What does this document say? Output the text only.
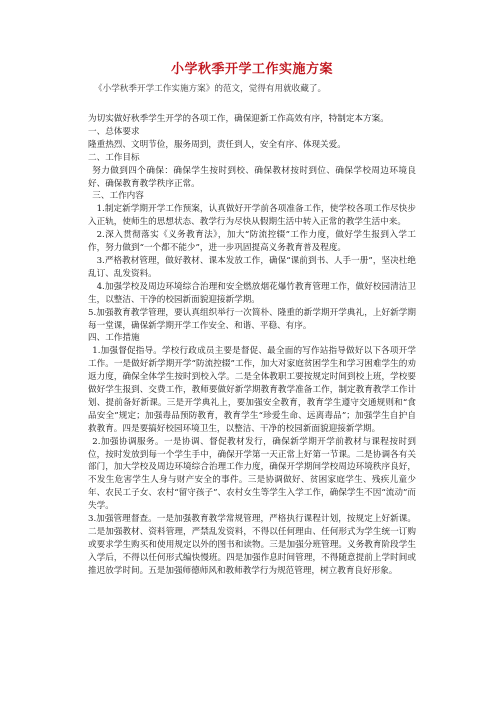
小学秋季开学工作实施方案

《小学秋季开学工作实施方案》的范文，觉得有用就收藏了。

为切实做好秋季学生开学的各项工作，确保迎新工作高效有序，特制定本方案。

一、总体要求

隆重热烈、文明节俭，服务周到，责任到人，安全有序、体现关爱。

二、工作目标

努力做到四个确保：确保学生按时到校、确保教材按时到位、确保学校周边环境良好、确保教育教学秩序正常。

三、工作内容

1.制定新学期开学工作预案，认真做好开学前各项准备工作，使学校各项工作尽快步入正轨，使师生的思想状态、教学行为尽快从假期生活中转入正常的教学生活中来。

2.深入贯彻落实《义务教育法》，加大“防流控辍”工作力度，做好学生报到入学工作，努力做到“一个都不能少”，进一步巩固提高义务教育普及程度。

3.严格教材管理，做好教材、课本发放工作，确保“课前到书、人手一册”，坚决杜绝乱订、乱发资料。

4.加强学校及周边环境综合治理和安全燃放烟花爆竹教育管理工作，做好校园清洁卫生，以整洁、干净的校园新面貌迎接新学期。

5.加强教育教学管理，要认真组织举行一次简朴、隆重的新学期开学典礼，上好新学期每一堂课，确保新学期开学工作安全、和谐、平稳、有序。

四、工作措施

1.加强督促指导。学校行政成员主要是督促、最全面的写作站指导做好以下各项开学工作。一是做好新学期开学“防流控辍”工作，加大对家庭贫困学生和学习困难学生的劝返力度，确保全体学生按时到校入学。二是全体教职工要按规定时间到校上班，学校要做好学生报到、交费工作，教师要做好新学期教育教学准备工作，制定教育教学工作计划、提前备好新课。三是开学典礼上，要加强安全教育，教育学生遵守交通规则和“食品安全”规定；加强毒品预防教育，教育学生“珍爱生命、远离毒品”；加强学生自护自救教育。四是要搞好校园环境卫生，以整洁、干净的校园新面貌迎接新学期。

2.加强协调服务。一是协调、督促教材发行，确保新学期开学前教材与课程按时到位，按时发放到每一个学生手中，确保开学第一天正常上好第一节课。二是协调各有关部门，加大学校及周边环境综合治理工作力度，确保开学期间学校周边环境秩序良好，不发生危害学生人身与财产安全的事件。三是协调做好、贫困家庭学生、残疾儿童少年、农民工子女、农村“留守孩子”、农村女生等学生入学工作，确保学生不因“流动”而失学。

3.加强管理督查。一是加强教育教学常规管理，严格执行课程计划，按规定上好新课。二是加强教材、资料管理，严禁乱发资料，不得以任何理由、任何形式为学生统一订购或要求学生购买和使用规定以外的图书和读物。三是加强分班管理。义务教育阶段学生入学后，不得以任何形式编快慢班。四是加强作息时间管理，不得随意提前上学时间或推迟放学时间。五是加强师德师风和教师教学行为规范管理，树立教育良好形象。
